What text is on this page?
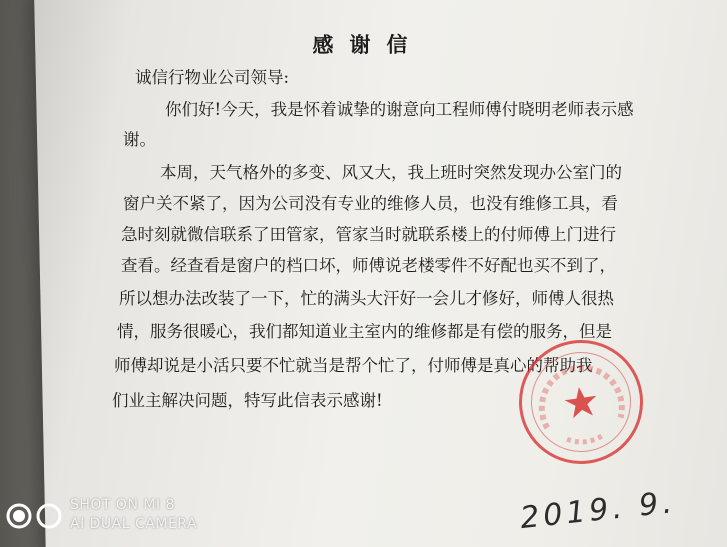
感谢信
诚信行物业公司领导:
你们好!今天，我是怀着诚挚的谢意向工程师傅付晓明老师表示感
谢。
本周，天气格外的多变、风又大，我上班时突然发现办公室门的
窗户关不紧了，因为公司没有专业的维修人员，也没有维修工具，看
急时刻就微信联系了田管家，管家当时就联系楼上的付师傅上门进行
查看。经查看是窗户的档口坏，师傅说老楼零件不好配也买不到了，
所以想办法改装了一下，忙的满头大汗好一会儿才修好，师傅人很热
情，服务很暖心，我们都知道业主室内的维修都是有偿的服务，但是
师傅却说是小活只要不忙就当是帮个忙了，付师傅是真心的帮助我
们业主解决问题，特写此信表示感谢!
2019. 9.
SHOT ON MI 8
AI DUAL CAMERA
